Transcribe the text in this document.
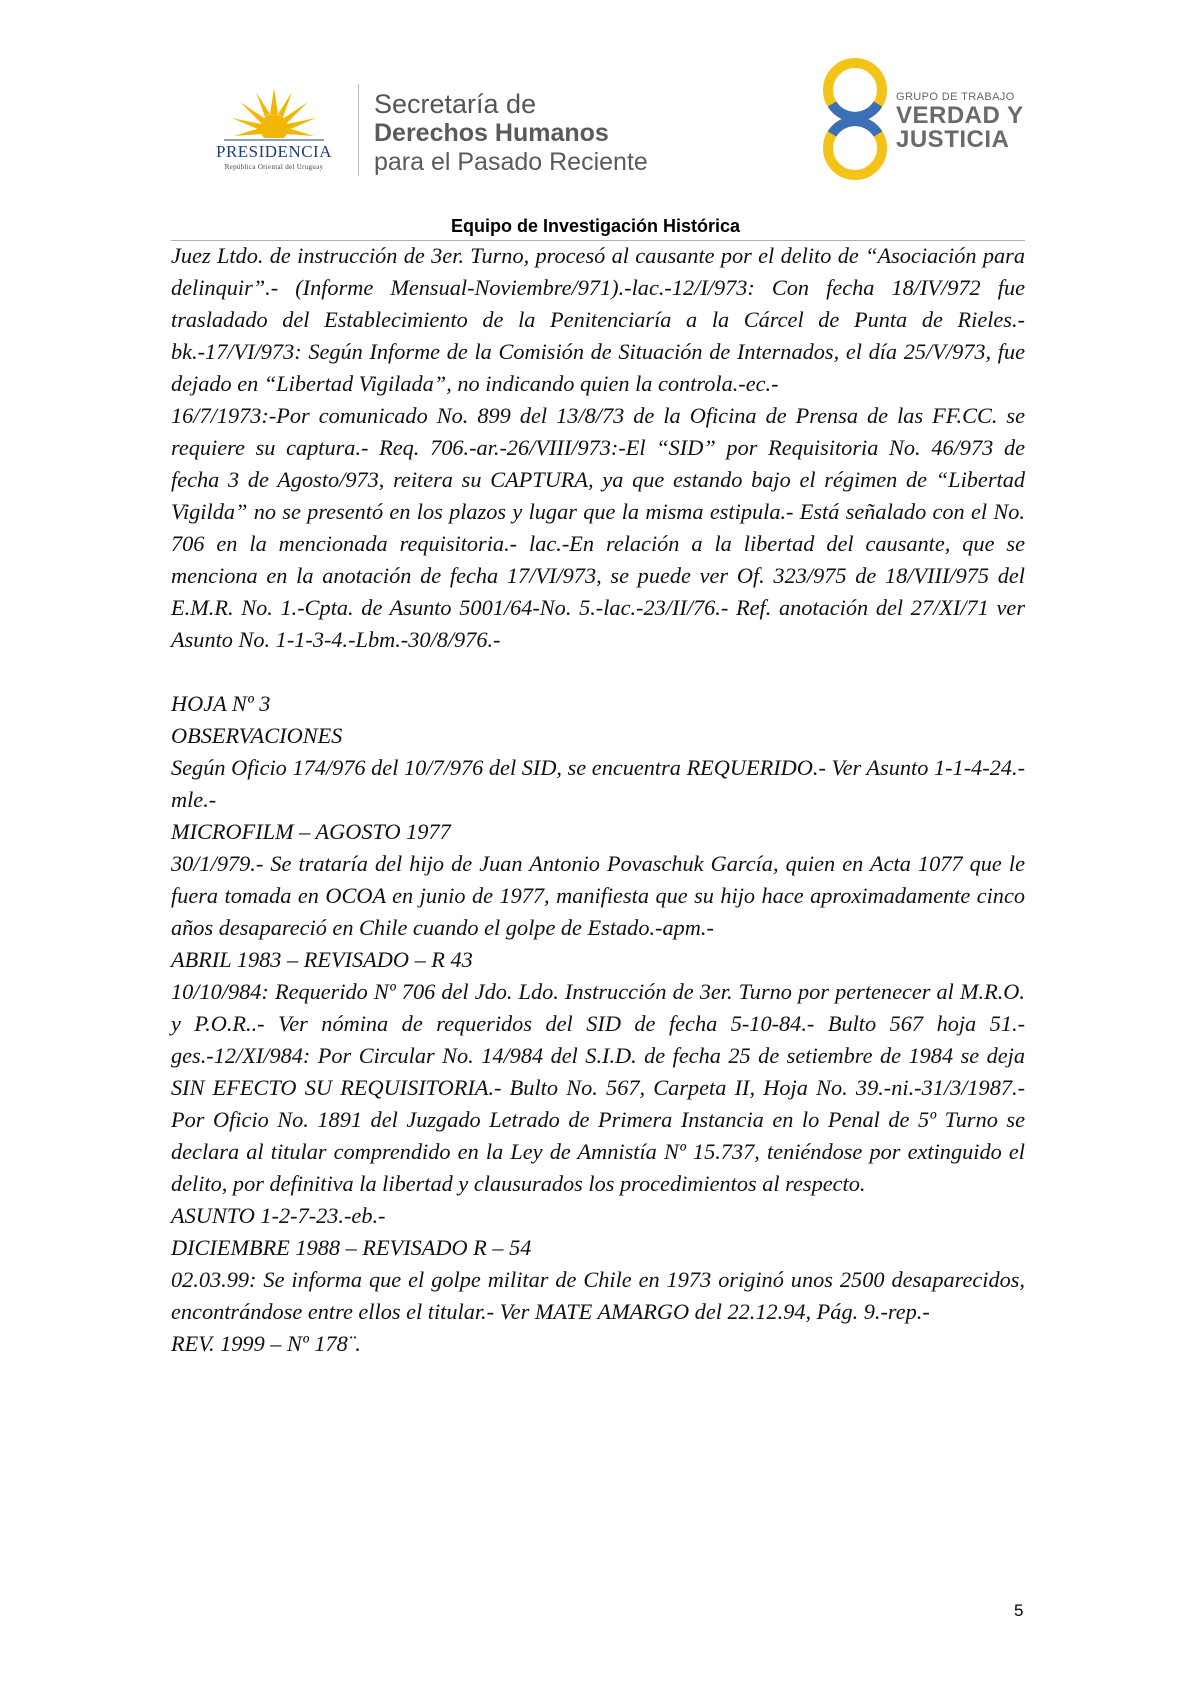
PRESIDENCIA
República Oriental del Uruguay
Secretaría de
Derechos Humanos
para el Pasado Reciente
GRUPO DE TRABAJO
VERDAD Y
JUSTICIA
Equipo de Investigación Histórica

Juez Ltdo. de instrucción de 3er. Turno, procesó al causante por el delito de “Asociación para delinquir”.- (Informe Mensual-Noviembre/971).-lac.-12/I/973: Con fecha 18/IV/972 fue trasladado del Establecimiento de la Penitenciaría a la Cárcel de Punta de Rieles.-bk.-17/VI/973: Según Informe de la Comisión de Situación de Internados, el día 25/V/973, fue dejado en “Libertad Vigilada”, no indicando quien la controla.-ec.-

16/7/1973:-Por comunicado No. 899 del 13/8/73 de la Oficina de Prensa de las FF.CC. se requiere su captura.- Req. 706.-ar.-26/VIII/973:-El “SID” por Requisitoria No. 46/973 de fecha 3 de Agosto/973, reitera su CAPTURA, ya que estando bajo el régimen de “Libertad Vigilda” no se presentó en los plazos y lugar que la misma estipula.- Está señalado con el No. 706 en la mencionada requisitoria.- lac.-En relación a la libertad del causante, que se menciona en la anotación de fecha 17/VI/973, se puede ver Of. 323/975 de 18/VIII/975 del E.M.R. No. 1.-Cpta. de Asunto 5001/64-No. 5.-lac.-23/II/76.- Ref. anotación del 27/XI/71 ver Asunto No. 1-1-3-4.-Lbm.-30/8/976.-

HOJA Nº 3
OBSERVACIONES

Según Oficio 174/976 del 10/7/976 del SID, se encuentra REQUERIDO.- Ver Asunto 1-1-4-24.-mle.-

MICROFILM – AGOSTO 1977

30/1/979.- Se trataría del hijo de Juan Antonio Povaschuk García, quien en Acta 1077 que le fuera tomada en OCOA en junio de 1977, manifiesta que su hijo hace aproximadamente cinco años desapareció en Chile cuando el golpe de Estado.-apm.-

ABRIL 1983 – REVISADO – R 43

10/10/984: Requerido Nº 706 del Jdo. Ldo. Instrucción de 3er. Turno por pertenecer al M.R.O. y P.O.R..- Ver nómina de requeridos del SID de fecha 5-10-84.- Bulto 567 hoja 51.-ges.-12/XI/984: Por Circular No. 14/984 del S.I.D. de fecha 25 de setiembre de 1984 se deja SIN EFECTO SU REQUISITORIA.- Bulto No. 567, Carpeta II, Hoja No. 39.-ni.-31/3/1987.- Por Oficio No. 1891 del Juzgado Letrado de Primera Instancia en lo Penal de 5º Turno se declara al titular comprendido en la Ley de Amnistía Nº 15.737, teniéndose por extinguido el delito, por definitiva la libertad y clausurados los procedimientos al respecto.

ASUNTO 1-2-7-23.-eb.-
DICIEMBRE 1988 – REVISADO R – 54

02.03.99: Se informa que el golpe militar de Chile en 1973 originó unos 2500 desaparecidos, encontrándose entre ellos el titular.- Ver MATE AMARGO del 22.12.94, Pág. 9.-rep.-

REV. 1999 – Nº 178¨.
5
